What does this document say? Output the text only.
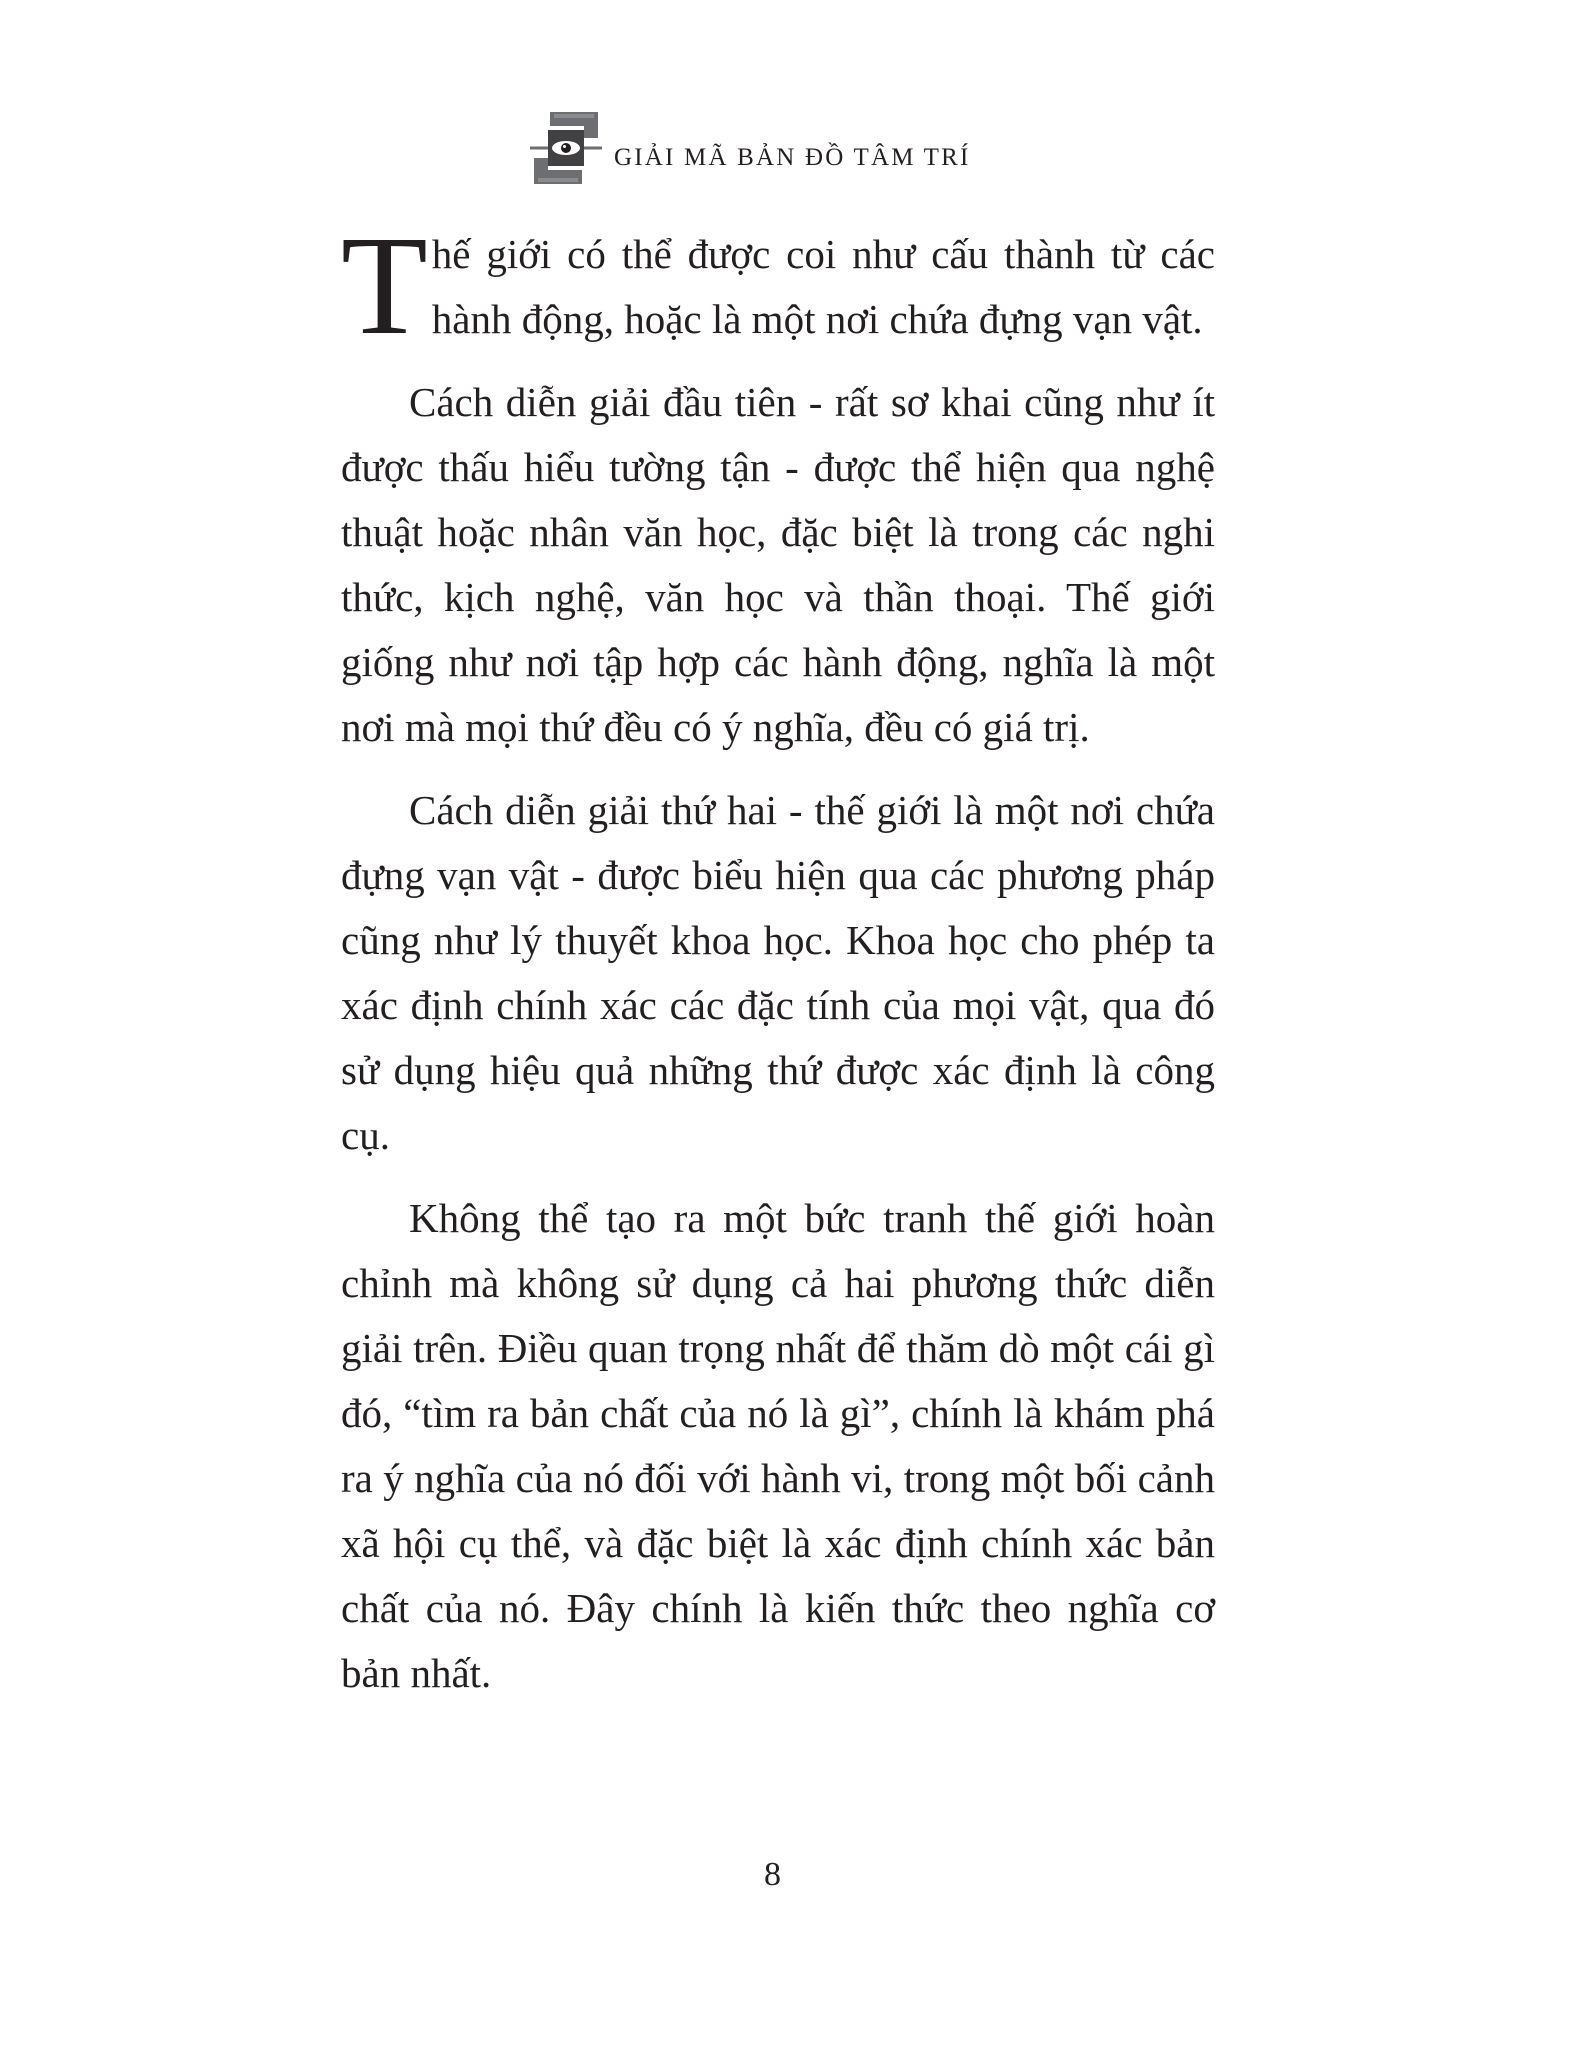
GIẢI MÃ BẢN ĐỒ TÂM TRÍ

Thế giới có thể được coi như cấu thành từ các hành động, hoặc là một nơi chứa đựng vạn vật.

Cách diễn giải đầu tiên - rất sơ khai cũng như ít được thấu hiểu tường tận - được thể hiện qua nghệ thuật hoặc nhân văn học, đặc biệt là trong các nghi thức, kịch nghệ, văn học và thần thoại. Thế giới giống như nơi tập hợp các hành động, nghĩa là một nơi mà mọi thứ đều có ý nghĩa, đều có giá trị.

Cách diễn giải thứ hai - thế giới là một nơi chứa đựng vạn vật - được biểu hiện qua các phương pháp cũng như lý thuyết khoa học. Khoa học cho phép ta xác định chính xác các đặc tính của mọi vật, qua đó sử dụng hiệu quả những thứ được xác định là công cụ.

Không thể tạo ra một bức tranh thế giới hoàn chỉnh mà không sử dụng cả hai phương thức diễn giải trên. Điều quan trọng nhất để thăm dò một cái gì đó, “tìm ra bản chất của nó là gì”, chính là khám phá ra ý nghĩa của nó đối với hành vi, trong một bối cảnh xã hội cụ thể, và đặc biệt là xác định chính xác bản chất của nó. Đây chính là kiến thức theo nghĩa cơ bản nhất.

8
